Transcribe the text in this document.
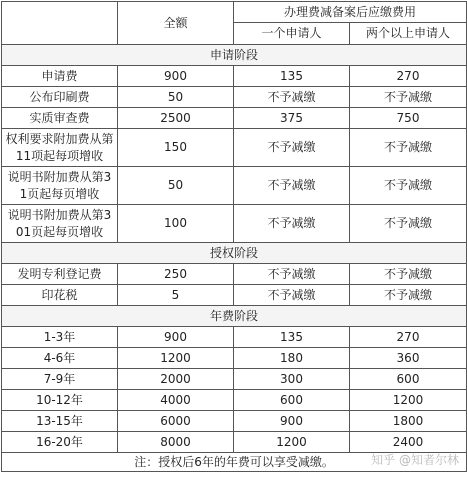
	全额	办理费减备案后应缴费用	
		一个申请人	两个以上申请人
申请阶段			
申请费	900	135	270
公布印刷费	50	不予减缴	不予减缴
实质审查费	2500	375	750
权利要求附加费从第11项起每项增收	150	不予减缴	不予减缴
说明书附加费从第31页起每页增收	50	不予减缴	不予减缴
说明书附加费从第301页起每页增收	100	不予减缴	不予减缴
授权阶段			
发明专利登记费	250	不予减缴	不予减缴
印花税	5	不予减缴	不予减缴
年费阶段			
1-3年	900	135	270
4-6年	1200	180	360
7-9年	2000	300	600
10-12年	4000	600	1200
13-15年	6000	900	1800
16-20年	8000	1200	2400
注：授权后6年的年费可以享受减缴。				知乎 @知者尔林
